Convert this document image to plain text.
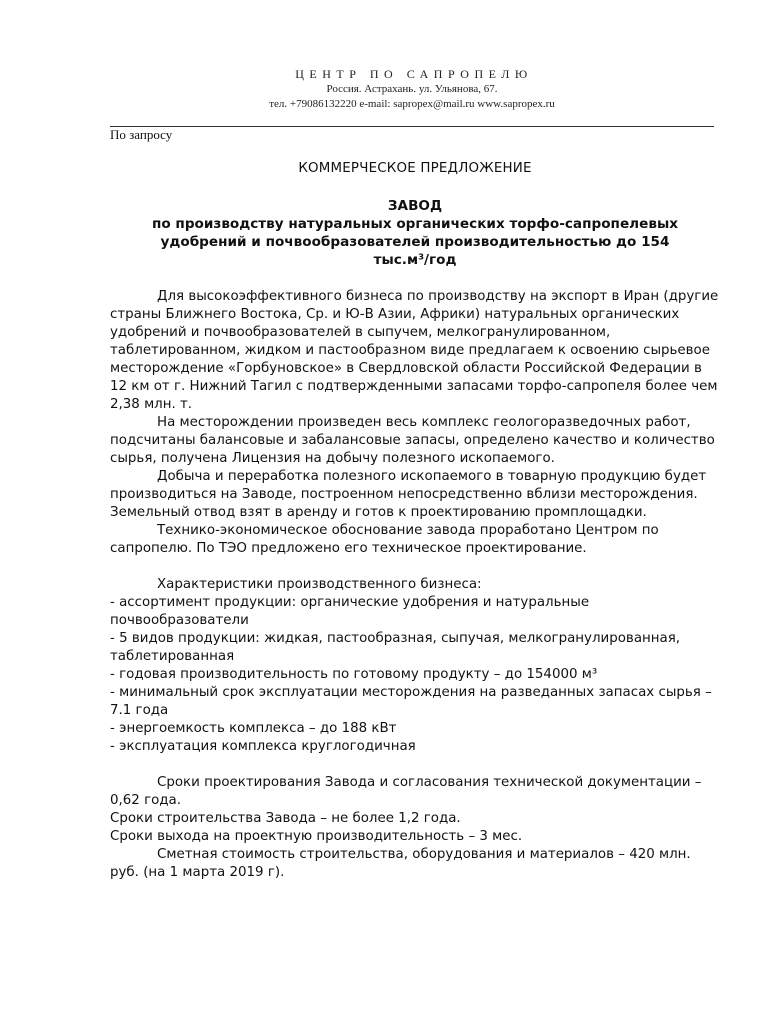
ЦЕНТР ПО САПРОПЕЛЮ
Россия. Астрахань. ул. Ульянова, 67.
тел. +79086132220 e-mail: sapropex@mail.ru www.sapropex.ru
По запросу

КОММЕРЧЕСКОЕ ПРЕДЛОЖЕНИЕ

ЗАВОД

по производству натуральных органических торфо-сапропелевых

удобрений и почвообразователей производительностью до 154

тыс.м³/год

Для высокоэффективного бизнеса по производству на экспорт в Иран (другие страны Ближнего Востока, Ср. и Ю-В Азии, Африки) натуральных органических удобрений и почвообразователей в сыпучем, мелкогранулированном, таблетированном, жидком и пастообразном виде предлагаем к освоению сырьевое месторождение «Горбуновское» в Свердловской области Российской Федерации в 12 км от г. Нижний Тагил с подтвержденными запасами торфо-сапропеля более чем 2,38 млн. т.

На месторождении произведен весь комплекс геологоразведочных работ, подсчитаны балансовые и забалансовые запасы, определено качество и количество сырья, получена Лицензия на добычу полезного ископаемого.

Добыча и переработка полезного ископаемого в товарную продукцию будет производиться на Заводе, построенном непосредственно вблизи месторождения. Земельный отвод взят в аренду и готов к проектированию промплощадки.

Технико-экономическое обоснование завода проработано Центром по сапропелю. По ТЭО предложено его техническое проектирование.

Характеристики производственного бизнеса:

- ассортимент продукции: органические удобрения и натуральные почвообразователи

- 5 видов продукции: жидкая, пастообразная, сыпучая, мелкогранулированная, таблетированная

- годовая производительность по готовому продукту – до 154000 м³

- минимальный срок эксплуатации месторождения на разведанных запасах сырья – 7.1 года

- энергоемкость комплекса – до 188 кВт

- эксплуатация комплекса круглогодичная

Сроки проектирования Завода и согласования технической документации – 0,62 года.

Сроки строительства Завода – не более 1,2 года.

Сроки выхода на проектную производительность – 3 мес.

Сметная стоимость строительства, оборудования и материалов – 420 млн. руб. (на 1 марта 2019 г).
